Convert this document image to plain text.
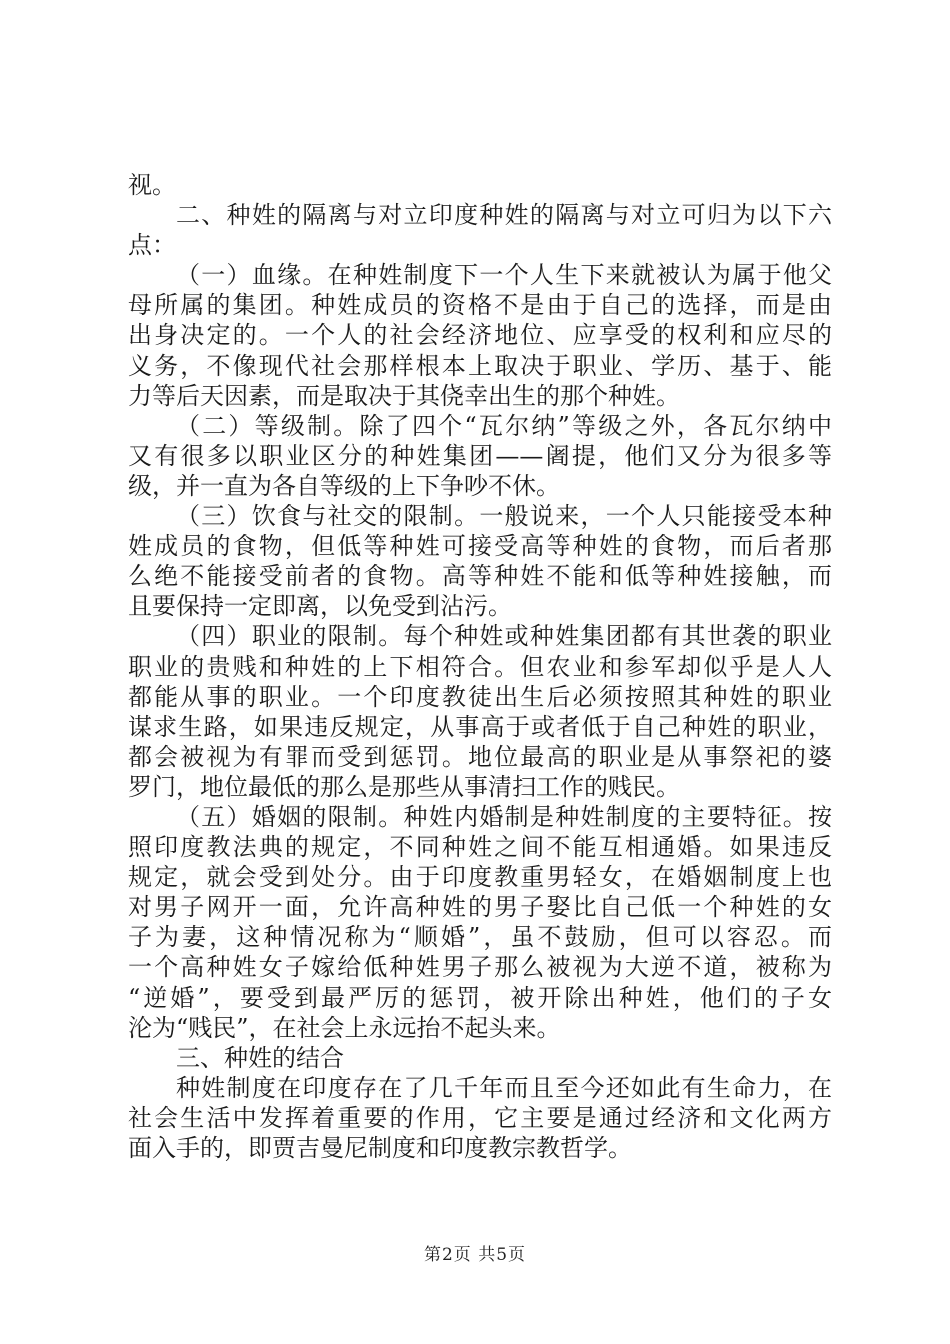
视。
二、种姓的隔离与对立印度种姓的隔离与对立可归为以下六
点：
（一）血缘。在种姓制度下一个人生下来就被认为属于他父
母所属的集团。种姓成员的资格不是由于自己的选择，而是由
出身决定的。一个人的社会经济地位、应享受的权利和应尽的
义务，不像现代社会那样根本上取决于职业、学历、基于、能
力等后天因素，而是取决于其侥幸出生的那个种姓。
（二）等级制。除了四个“瓦尔纳”等级之外，各瓦尔纳中
又有很多以职业区分的种姓集团——阇提，他们又分为很多等
级，并一直为各自等级的上下争吵不休。
（三）饮食与社交的限制。一般说来，一个人只能接受本种
姓成员的食物，但低等种姓可接受高等种姓的食物，而后者那
么绝不能接受前者的食物。高等种姓不能和低等种姓接触，而
且要保持一定即离，以免受到沾污。
（四）职业的限制。每个种姓或种姓集团都有其世袭的职业
职业的贵贱和种姓的上下相符合。但农业和参军却似乎是人人
都能从事的职业。一个印度教徒出生后必须按照其种姓的职业
谋求生路，如果违反规定，从事高于或者低于自己种姓的职业，
都会被视为有罪而受到惩罚。地位最高的职业是从事祭祀的婆
罗门，地位最低的那么是那些从事清扫工作的贱民。
（五）婚姻的限制。种姓内婚制是种姓制度的主要特征。按
照印度教法典的规定，不同种姓之间不能互相通婚。如果违反
规定，就会受到处分。由于印度教重男轻女，在婚姻制度上也
对男子网开一面，允许高种姓的男子娶比自己低一个种姓的女
子为妻，这种情况称为“顺婚”，虽不鼓励，但可以容忍。而
一个高种姓女子嫁给低种姓男子那么被视为大逆不道，被称为
“逆婚”，要受到最严厉的惩罚，被开除出种姓，他们的子女
沦为“贱民”，在社会上永远抬不起头来。
三、种姓的结合
种姓制度在印度存在了几千年而且至今还如此有生命力，在
社会生活中发挥着重要的作用，它主要是通过经济和文化两方
面入手的，即贾吉曼尼制度和印度教宗教哲学。
第2页 共5页
